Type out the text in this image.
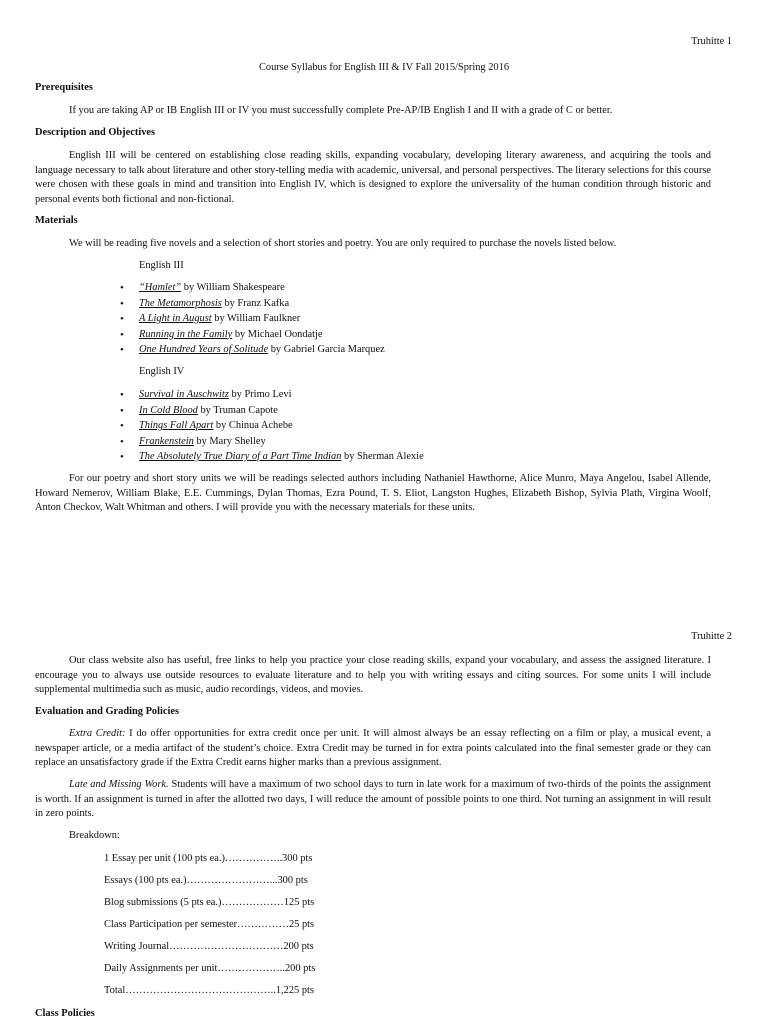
Truhitte 1
Course Syllabus for English III & IV Fall 2015/Spring 2016
Prerequisites

If you are taking AP or IB English III or IV you must successfully complete Pre-AP/IB English I and II with a grade of C or better.

Description and Objectives

English III will be centered on establishing close reading skills, expanding vocabulary, developing literary awareness, and acquiring the tools and language necessary to talk about literature and other story-telling media with academic, universal, and personal perspectives. The literary selections for this course were chosen with these goals in mind and transition into English IV, which is designed to explore the universality of the human condition through historic and personal events both fictional and non-fictional.

Materials

We will be reading five novels and a selection of short stories and poetry. You are only required to purchase the novels listed below.

English III
• “Hamlet” by William Shakespeare
• The Metamorphosis by Franz Kafka
• A Light in August by William Faulkner
• Running in the Family by Michael Oondatje
• One Hundred Years of Solitude by Gabriel Garcia Marquez
English IV
• Survival in Auschwitz by Primo Levi
• In Cold Blood by Truman Capote
• Things Fall Apart by Chinua Achebe
• Frankenstein by Mary Shelley
• The Absolutely True Diary of a Part Time Indian by Sherman Alexie

For our poetry and short story units we will be readings selected authors including Nathaniel Hawthorne, Alice Munro, Maya Angelou, Isabel Allende, Howard Nemerov, William Blake, E.E. Cummings, Dylan Thomas, Ezra Pound, T. S. Eliot, Langston Hughes, Elizabeth Bishop, Sylvia Plath, Virgina Woolf, Anton Checkov, Walt Whitman and others. I will provide you with the necessary materials for these units.

Truhitte 2

Our class website also has useful, free links to help you practice your close reading skills, expand your vocabulary, and assess the assigned literature. I encourage you to always use outside resources to evaluate literature and to help you with writing essays and citing sources. For some units I will include supplemental multimedia such as music, audio recordings, videos, and movies.

Evaluation and Grading Policies

Extra Credit: I do offer opportunities for extra credit once per unit. It will almost always be an essay reflecting on a film or play, a musical event, a newspaper article, or a media artifact of the student’s choice. Extra Credit may be turned in for extra points calculated into the final semester grade or they can replace an unsatisfactory grade if the Extra Credit earns higher marks than a previous assignment.

Late and Missing Work. Students will have a maximum of two school days to turn in late work for a maximum of two-thirds of the points the assignment is worth. If an assignment is turned in after the allotted two days, I will reduce the amount of possible points to one third. Not turning an assignment in will result in zero points.

Breakdown:
1 Essay per unit (100 pts ea.)……………..300 pts
Essays (100 pts ea.)……………………...300 pts
Blog submissions (5 pts ea.)………………125 pts
Class Participation per semester……………25 pts
Writing Journal……………………………200 pts
Daily Assignments per unit………………..200 pts
Total……………………………………..1,225 pts
Class Policies
